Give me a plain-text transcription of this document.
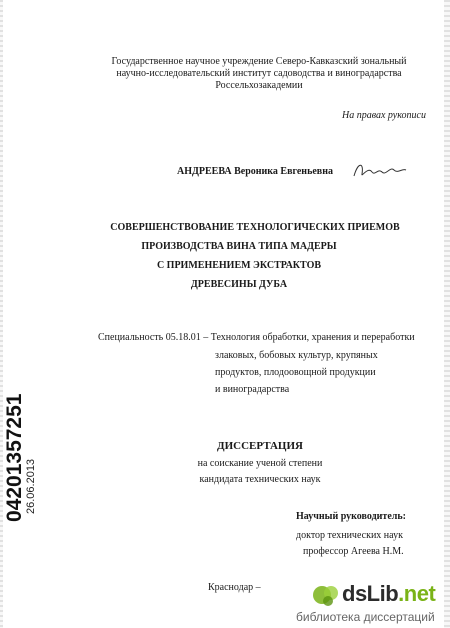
Государственное научное учреждение Северо-Кавказский зональный
научно-исследовательский институт садоводства и виноградарства
Россельхозакадемии
На правах рукописи
АНДРЕЕВА Вероника Евгеньевна
СОВЕРШЕНСТВОВАНИЕ ТЕХНОЛОГИЧЕСКИХ ПРИЕМОВ
ПРОИЗВОДСТВА ВИНА ТИПА МАДЕРЫ
С ПРИМЕНЕНИЕМ ЭКСТРАКТОВ
ДРЕВЕСИНЫ ДУБА
Специальность 05.18.01 – Технология обработки, хранения и переработки
злаковых, бобовых культур, крупяных
продуктов, плодоовощной продукции
и виноградарства
ДИССЕРТАЦИЯ
на соискание ученой степени
кандидата технических наук
Научный руководитель:
доктор технических наук
профессор Агеева Н.М.
Краснодар –
04201357251 26.06.2013
dsLib.net
библиотека диссертаций
